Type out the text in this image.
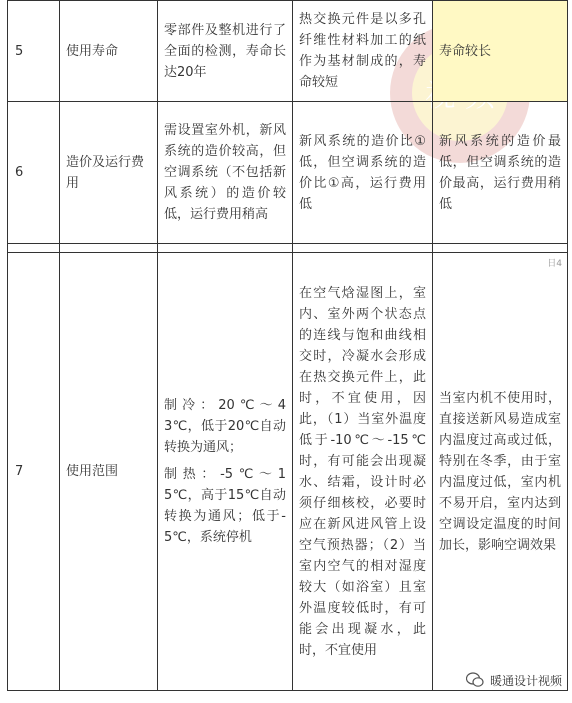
5	使用寿命	零部件及整机进行了全面的检测，寿命长达20年	热交换元件是以多孔纤维性材料加工的纸作为基材制成的，寿命较短	寿命较长
6	造价及运行费用	需设置室外机，新风系统的造价较高，但空调系统（不包括新风系统）的造价较低，运行费用稍高	新风系统的造价比①低，但空调系统的造价比①高，运行费用低	新风系统的造价最低，但空调系统的造价最高，运行费用稍低

7	使用范围	制冷：20℃～43℃，低于20℃自动转换为通风；

制热：-5℃～15℃，高于15℃自动转换为通风；低于-5℃，系统停机	在空气焓湿图上，室内、室外两个状态点的连线与饱和曲线相交时，冷凝水会形成在热交换元件上，此时，不宜使用，因此，（1）当室外温度低于-10℃～-15℃时，有可能会出现凝水、结霜，设计时必须仔细核校，必要时应在新风进风管上设空气预热器；（2）当室内空气的相对湿度较大（如浴室）且室外温度较低时，有可能会出现凝水，此时，不宜使用	当室内机不使用时，直接送新风易造成室内温度过高或过低，特别在冬季，由于室内温度过低，室内机不易开启，室内达到空调设定温度的时间加长，影响空调效果
日4
暖通设计视频
